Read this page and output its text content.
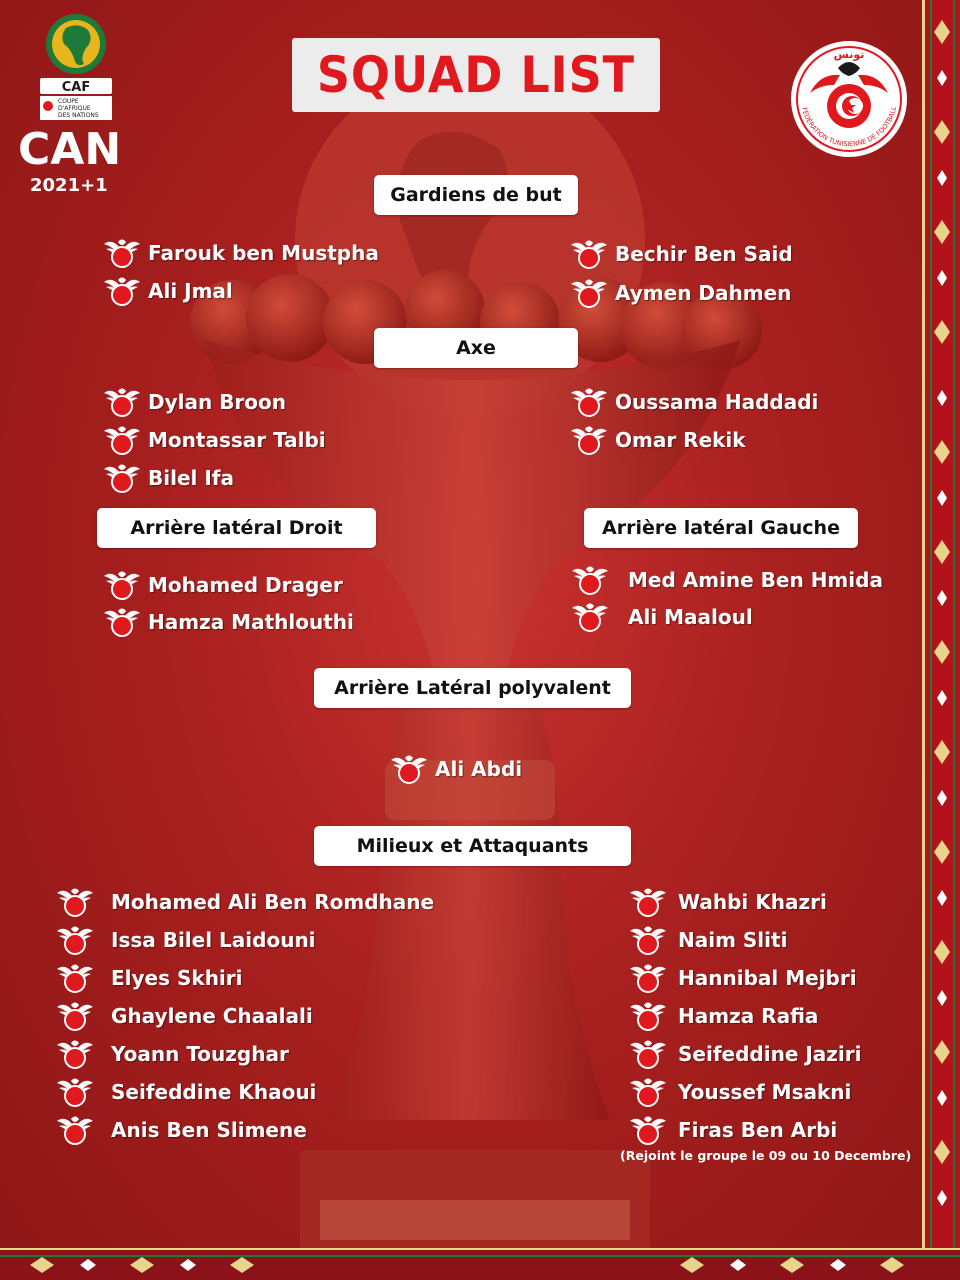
CAF
COUPE
D'AFRIQUE
DES NATIONS
CAN
2021+1
SQUAD LIST	تونس
FÉDÉRATION TUNISIENNE DE FOOTBALL
Gardiens de but
Axe
Arrière latéral Droit	Arrière latéral Gauche
Arrière Latéral polyvalent
Milieux et Attaquants
Farouk ben Mustpha
Ali Jmal
Bechir Ben Said
Aymen Dahmen
Dylan Broon
Montassar Talbi
Bilel Ifa
Oussama Haddadi
Omar Rekik
Mohamed Drager
Hamza Mathlouthi
Med Amine Ben Hmida
Ali Maaloul
Ali Abdi
Mohamed Ali Ben Romdhane
Issa Bilel Laidouni
Elyes Skhiri
Ghaylene Chaalali
Yoann Touzghar
Seifeddine Khaoui
Anis Ben Slimene
Wahbi Khazri
Naim Sliti
Hannibal Mejbri
Hamza Rafia
Seifeddine Jaziri
Youssef Msakni
Firas Ben Arbi
(Rejoint le groupe le 09 ou 10 Decembre)
